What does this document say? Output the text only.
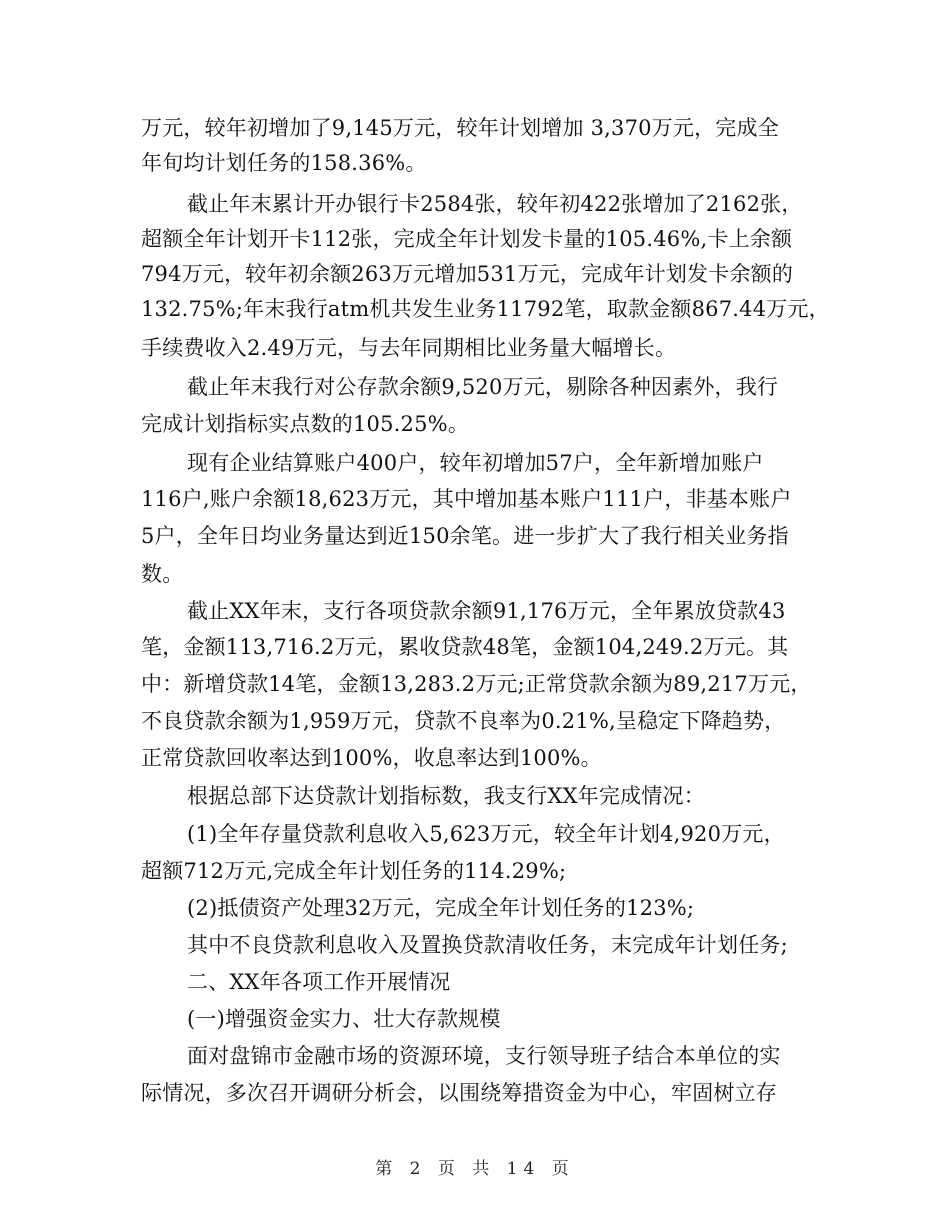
万元，较年初增加了9,145万元，较年计划增加 3,370万元，完成全
年旬均计划任务的158.36%。
截止年末累计开办银行卡2584张，较年初422张增加了2162张，
超额全年计划开卡112张，完成全年计划发卡量的105.46%,卡上余额
794万元，较年初余额263万元增加531万元，完成年计划发卡余额的
132.75%;年末我行atm机共发生业务11792笔，取款金额867.44万元，
手续费收入2.49万元，与去年同期相比业务量大幅增长。
截止年末我行对公存款余额9,520万元，剔除各种因素外，我行
完成计划指标实点数的105.25%。
现有企业结算账户400户，较年初增加57户，全年新增加账户
116户,账户余额18,623万元，其中增加基本账户111户，非基本账户
5户，全年日均业务量达到近150余笔。进一步扩大了我行相关业务指
数。
截止XX年末，支行各项贷款余额91,176万元，全年累放贷款43
笔，金额113,716.2万元，累收贷款48笔，金额104,249.2万元。其
中：新增贷款14笔，金额13,283.2万元;正常贷款余额为89,217万元，
不良贷款余额为1,959万元，贷款不良率为0.21%,呈稳定下降趋势，
正常贷款回收率达到100%，收息率达到100%。
根据总部下达贷款计划指标数，我支行XX年完成情况：
(1)全年存量贷款利息收入5,623万元，较全年计划4,920万元，
超额712万元,完成全年计划任务的114.29%;
(2)抵债资产处理32万元，完成全年计划任务的123%;
其中不良贷款利息收入及置换贷款清收任务，末完成年计划任务;
二、XX年各项工作开展情况
(一)增强资金实力、壮大存款规模
面对盘锦市金融市场的资源环境，支行领导班子结合本单位的实
际情况，多次召开调研分析会，以围绕筹措资金为中心，牢固树立存
第 2 页 共 14 页
